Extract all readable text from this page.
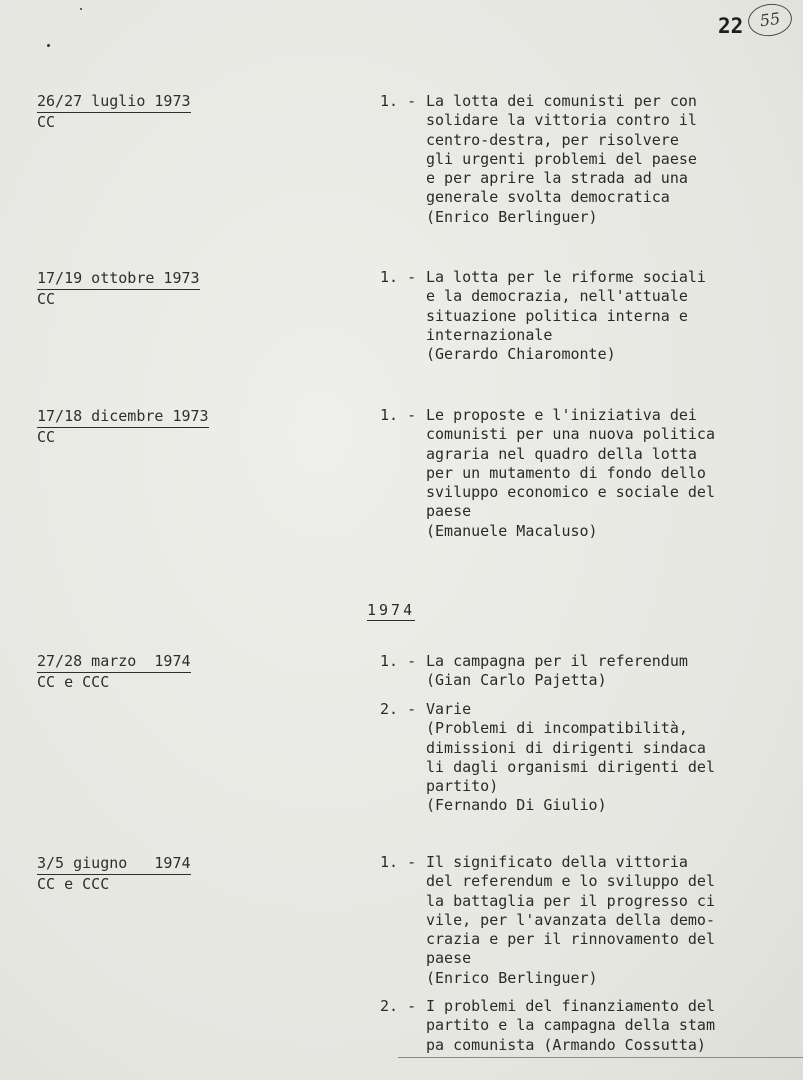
22 55
26/27 luglio 1973
CC
1. - La lotta dei comunisti per con
solidare la vittoria contro il
centro-destra, per risolvere
gli urgenti problemi del paese
e per aprire la strada ad una
generale svolta democratica
(Enrico Berlinguer)
17/19 ottobre 1973
CC
1. - La lotta per le riforme sociali
e la democrazia, nell'attuale
situazione politica interna e
internazionale
(Gerardo Chiaromonte)
17/18 dicembre 1973
CC
1. - Le proposte e l'iniziativa dei
comunisti per una nuova politica
agraria nel quadro della lotta
per un mutamento di fondo dello
sviluppo economico e sociale del
paese
(Emanuele Macaluso)
1974
27/28 marzo  1974
CC e CCC
1. - La campagna per il referendum
(Gian Carlo Pajetta)
2. - Varie
(Problemi di incompatibilità,
dimissioni di dirigenti sindaca
li dagli organismi dirigenti del
partito)
(Fernando Di Giulio)
3/5 giugno   1974
CC e CCC
1. - Il significato della vittoria
del referendum e lo sviluppo del
la battaglia per il progresso ci
vile, per l'avanzata della demo-
crazia e per il rinnovamento del
paese
(Enrico Berlinguer)
2. - I problemi del finanziamento del
partito e la campagna della stam
pa comunista (Armando Cossutta)
